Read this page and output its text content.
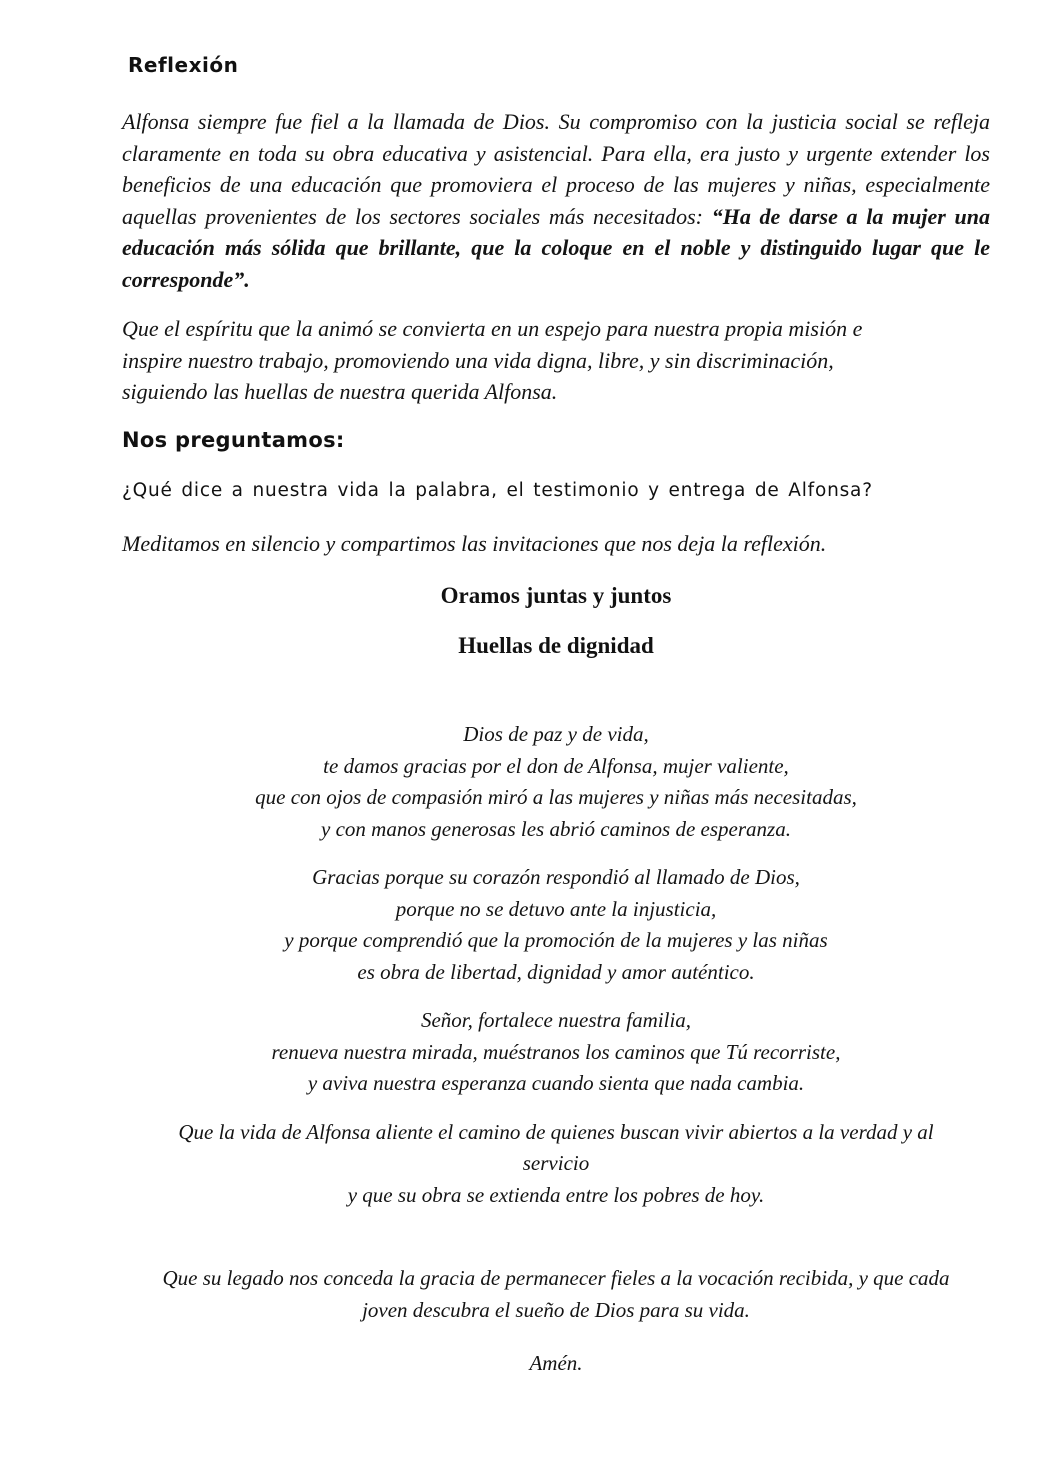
Reflexión

Alfonsa siempre fue fiel a la llamada de Dios. Su compromiso con la justicia social se refleja claramente en toda su obra educativa y asistencial. Para ella, era justo y urgente extender los beneficios de una educación que promoviera el proceso de las mujeres y niñas, especialmente aquellas provenientes de los sectores sociales más necesitados: “Ha de darse a la mujer una educación más sólida que brillante, que la coloque en el noble y distinguido lugar que le corresponde”.

Que el espíritu que la animó se convierta en un espejo para nuestra propia misión e
inspire nuestro trabajo, promoviendo una vida digna, libre, y sin discriminación,
siguiendo las huellas de nuestra querida Alfonsa.
Nos preguntamos:
¿Qué dice a nuestra vida la palabra, el testimonio y entrega de Alfonsa?
Meditamos en silencio y compartimos las invitaciones que nos deja la reflexión.
Oramos juntas y juntos
Huellas de dignidad
Dios de paz y de vida,
te damos gracias por el don de Alfonsa, mujer valiente,
que con ojos de compasión miró a las mujeres y niñas más necesitadas,
y con manos generosas les abrió caminos de esperanza.
Gracias porque su corazón respondió al llamado de Dios,
porque no se detuvo ante la injusticia,
y porque comprendió que la promoción de la mujeres y las niñas
es obra de libertad, dignidad y amor auténtico.
Señor, fortalece nuestra familia,
renueva nuestra mirada, muéstranos los caminos que Tú recorriste,
y aviva nuestra esperanza cuando sienta que nada cambia.
Que la vida de Alfonsa aliente el camino de quienes buscan vivir abiertos a la verdad y al
servicio
y que su obra se extienda entre los pobres de hoy.
Que su legado nos conceda la gracia de permanecer fieles a la vocación recibida, y que cada
joven descubra el sueño de Dios para su vida.
Amén.
